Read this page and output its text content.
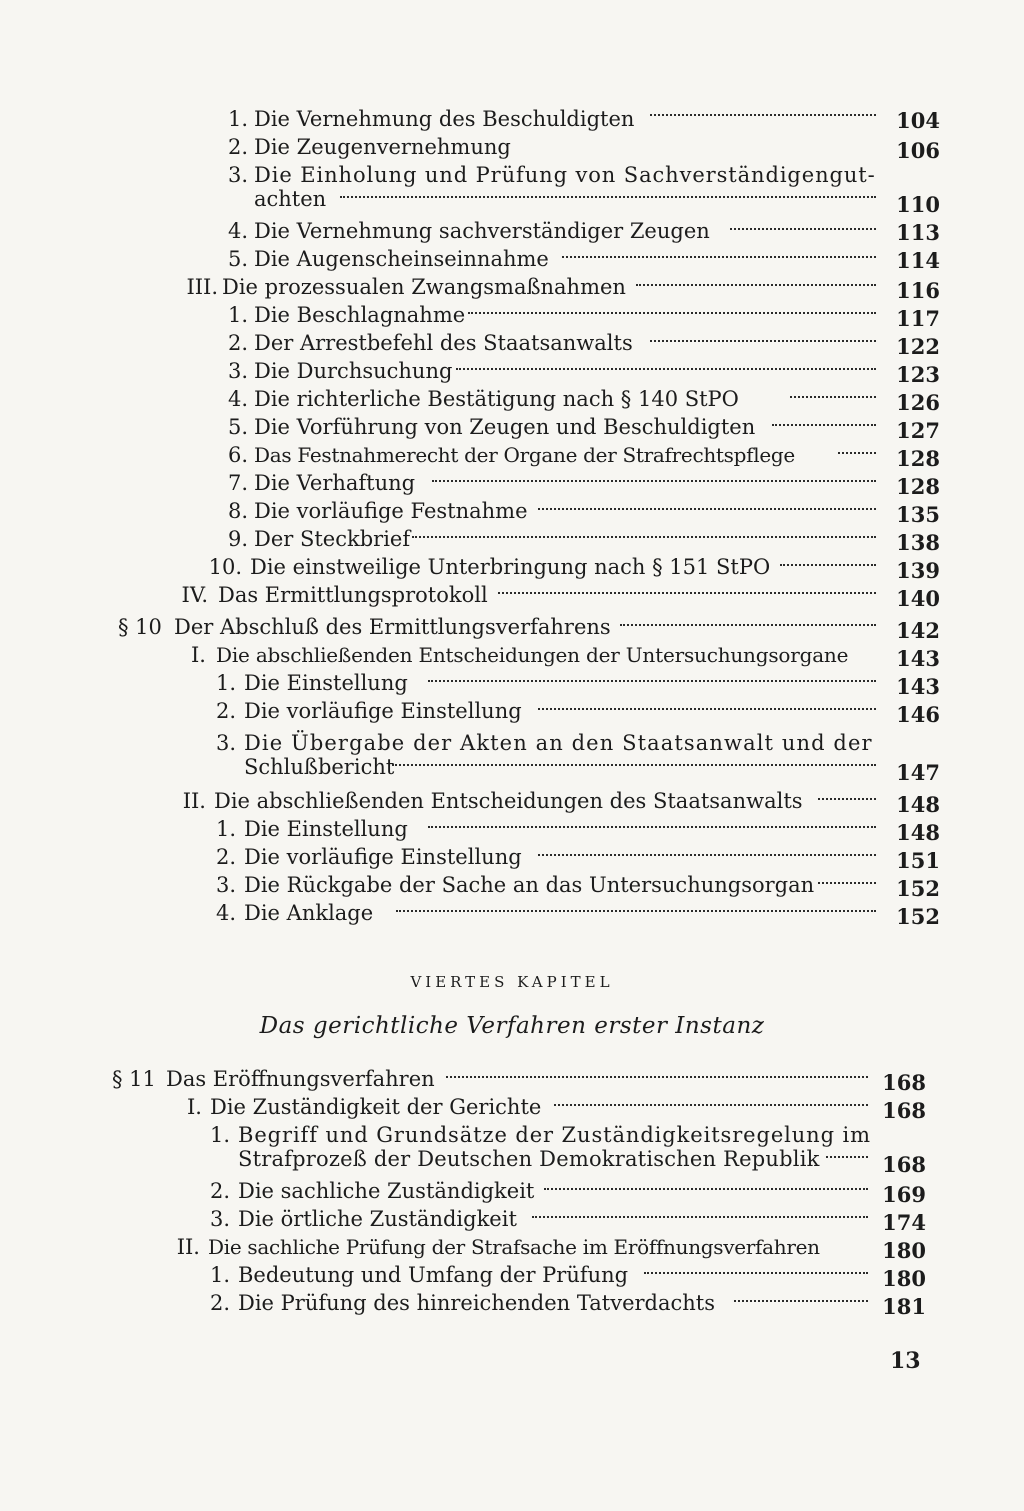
1. Die Vernehmung des Beschuldigten	104
2. Die Zeugenvernehmung	106
3. Die Einholung und Prüfung von Sachverständigengut-
achten	110
4. Die Vernehmung sachverständiger Zeugen	113
5. Die Augenscheinseinnahme	114
III. Die prozessualen Zwangsmaßnahmen	116
1. Die Beschlagnahme	117
2. Der Arrestbefehl des Staatsanwalts	122
3. Die Durchsuchung	123
4. Die richterliche Bestätigung nach § 140 StPO	126
5. Die Vorführung von Zeugen und Beschuldigten	127
6. Das Festnahmerecht der Organe der Strafrechtspflege	128
7. Die Verhaftung	128
8. Die vorläufige Festnahme	135
9. Der Steckbrief	138
10. Die einstweilige Unterbringung nach § 151 StPO	139
IV. Das Ermittlungsprotokoll	140
§ 10 Der Abschluß des Ermittlungsverfahrens	142
I. Die abschließenden Entscheidungen der Untersuchungsorgane	143
1. Die Einstellung	143
2. Die vorläufige Einstellung	146
3. Die Übergabe der Akten an den Staatsanwalt und der
Schlußbericht	147
II. Die abschließenden Entscheidungen des Staatsanwalts	148
1. Die Einstellung	148
2. Die vorläufige Einstellung	151
3. Die Rückgabe der Sache an das Untersuchungsorgan	152
4. Die Anklage	152
VIERTES KAPITEL
Das gerichtliche Verfahren erster Instanz
§ 11 Das Eröffnungsverfahren	168
I. Die Zuständigkeit der Gerichte	168
1. Begriff und Grundsätze der Zuständigkeitsregelung im
Strafprozeß der Deutschen Demokratischen Republik	168
2. Die sachliche Zuständigkeit	169
3. Die örtliche Zuständigkeit	174
II. Die sachliche Prüfung der Strafsache im Eröffnungsverfahren	180
1. Bedeutung und Umfang der Prüfung	180
2. Die Prüfung des hinreichenden Tatverdachts	181
13
